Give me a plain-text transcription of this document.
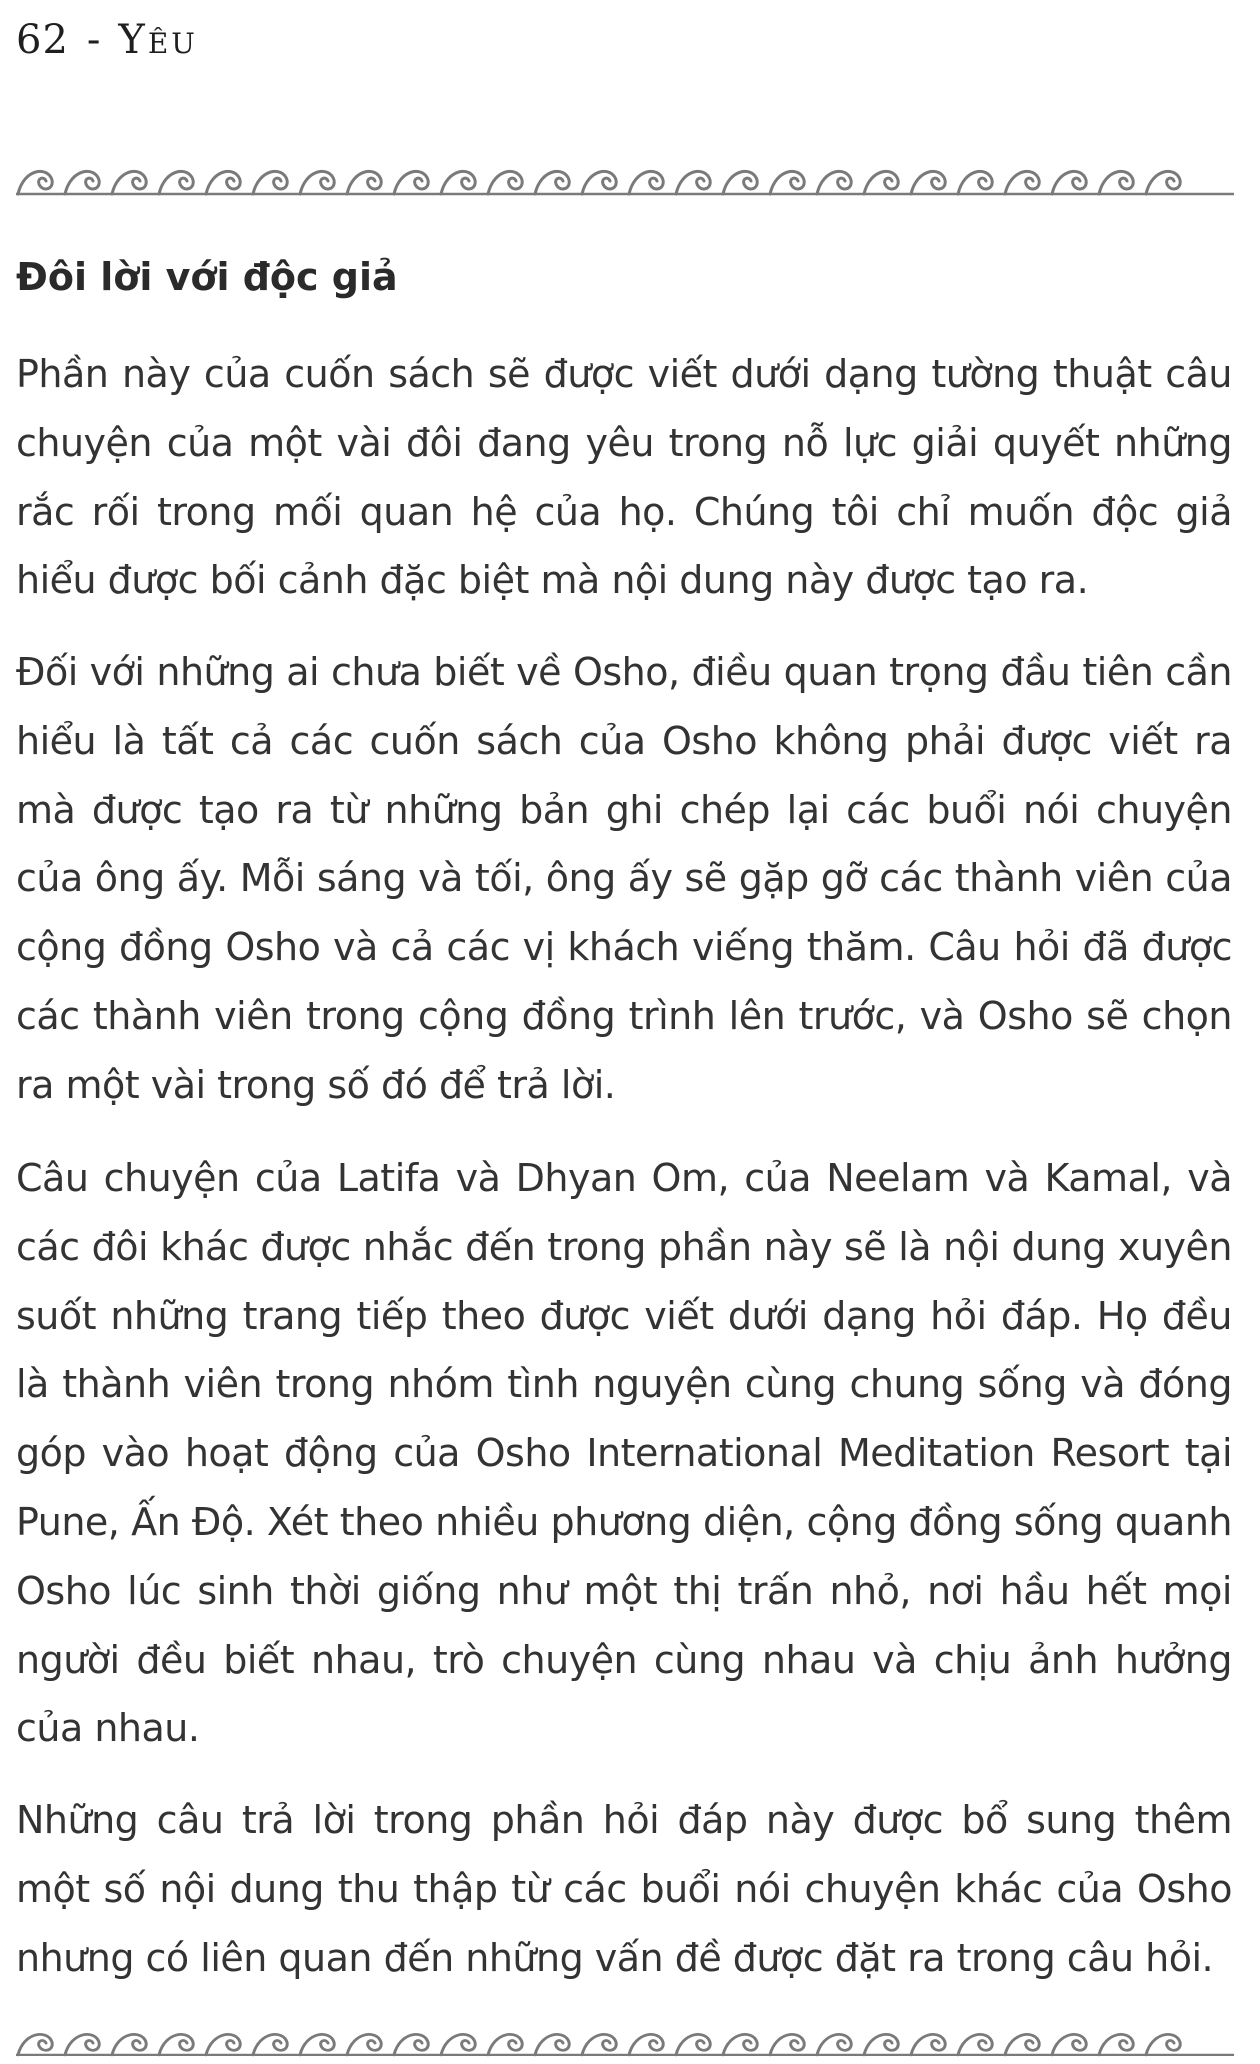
62 - Yêu
Đôi lời với độc giả

Phần này của cuốn sách sẽ được viết dưới dạng tường thuật câu chuyện của một vài đôi đang yêu trong nỗ lực giải quyết những rắc rối trong mối quan hệ của họ. Chúng tôi chỉ muốn độc giả hiểu được bối cảnh đặc biệt mà nội dung này được tạo ra.

Đối với những ai chưa biết về Osho, điều quan trọng đầu tiên cần hiểu là tất cả các cuốn sách của Osho không phải được viết ra mà được tạo ra từ những bản ghi chép lại các buổi nói chuyện của ông ấy. Mỗi sáng và tối, ông ấy sẽ gặp gỡ các thành viên của cộng đồng Osho và cả các vị khách viếng thăm. Câu hỏi đã được các thành viên trong cộng đồng trình lên trước, và Osho sẽ chọn ra một vài trong số đó để trả lời.

Câu chuyện của Latifa và Dhyan Om, của Neelam và Kamal, và các đôi khác được nhắc đến trong phần này sẽ là nội dung xuyên suốt những trang tiếp theo được viết dưới dạng hỏi đáp. Họ đều là thành viên trong nhóm tình nguyện cùng chung sống và đóng góp vào hoạt động của Osho International Meditation Resort tại Pune, Ấn Độ. Xét theo nhiều phương diện, cộng đồng sống quanh Osho lúc sinh thời giống như một thị trấn nhỏ, nơi hầu hết mọi người đều biết nhau, trò chuyện cùng nhau và chịu ảnh hưởng của nhau.

Những câu trả lời trong phần hỏi đáp này được bổ sung thêm một số nội dung thu thập từ các buổi nói chuyện khác của Osho nhưng có liên quan đến những vấn đề được đặt ra trong câu hỏi.
